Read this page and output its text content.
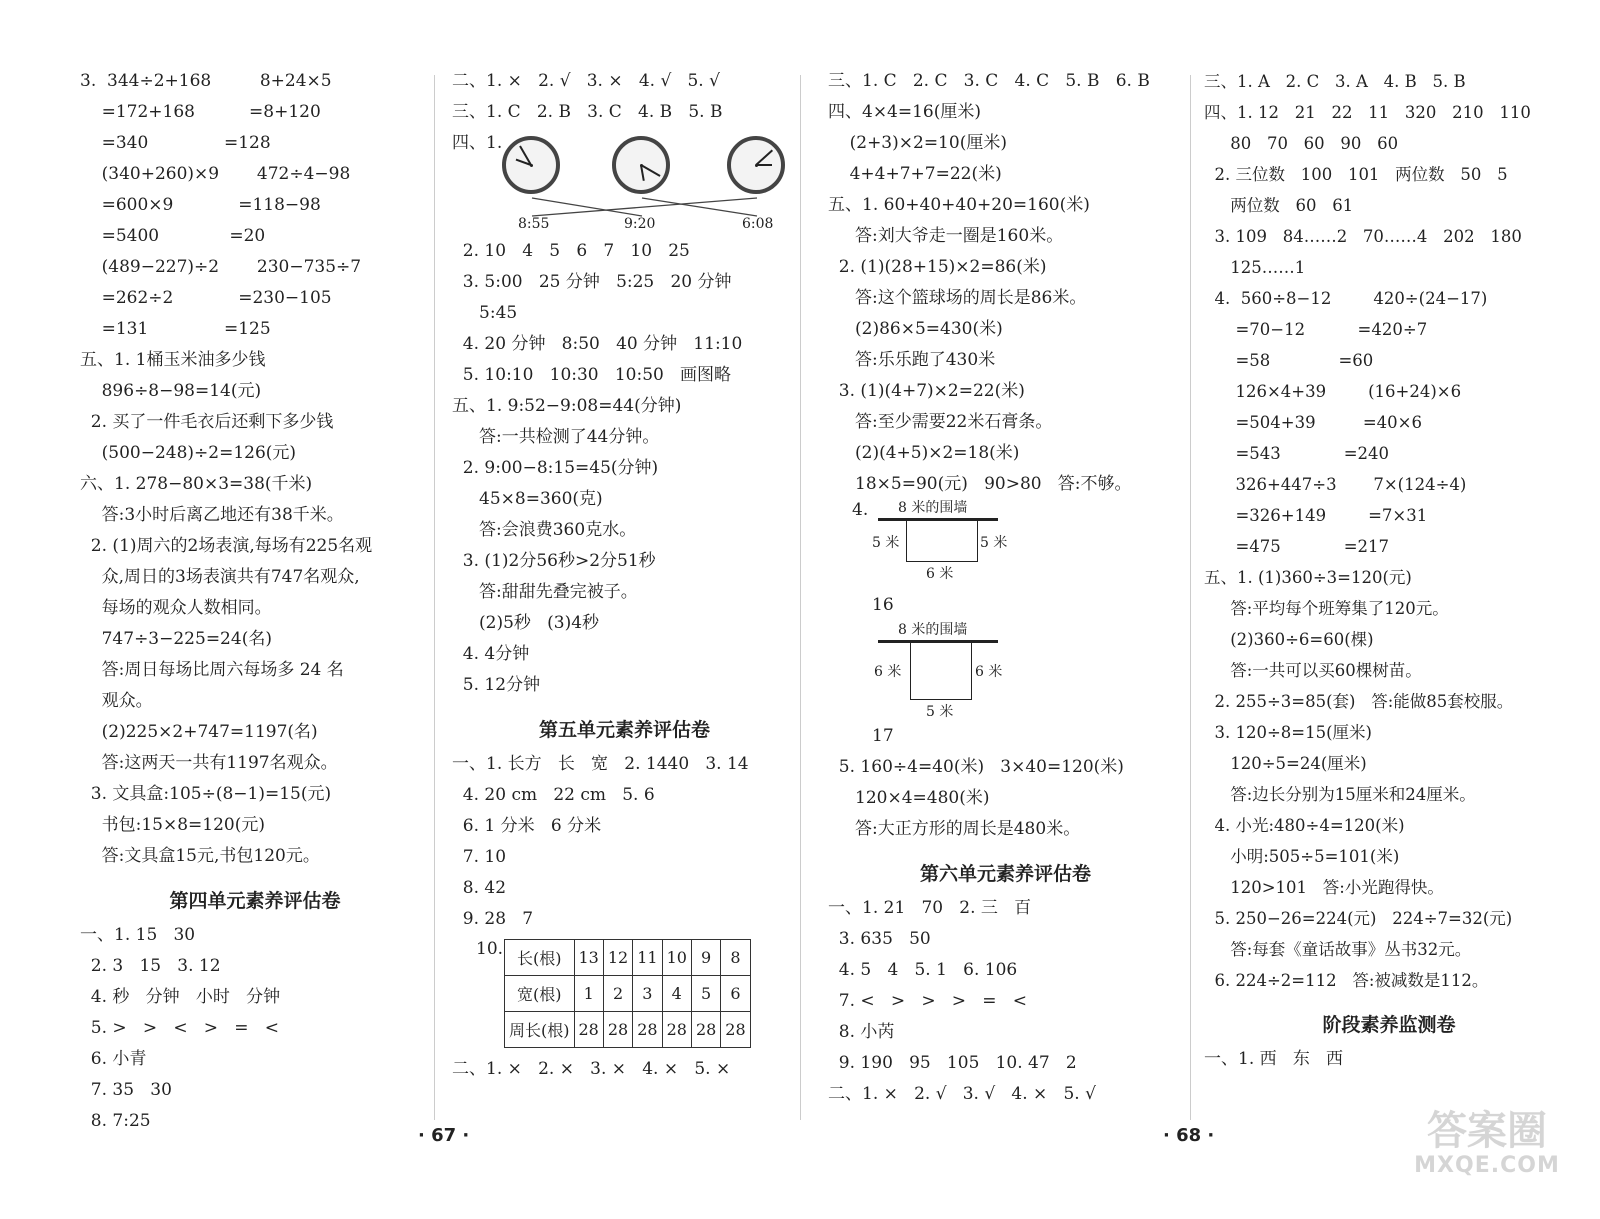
3.  344÷2+168         8+24×5
=172+168          =8+120
=340              =128
(340+260)×9       472÷4−98
=600×9            =118−98
=5400             =20
(489−227)÷2       230−735÷7
=262÷2            =230−105
=131              =125
五、1. 1桶玉米油多少钱
896÷8−98=14(元)
2. 买了一件毛衣后还剩下多少钱
(500−248)÷2=126(元)
六、1. 278−80×3=38(千米)
答:3小时后离乙地还有38千米。
2. (1)周六的2场表演,每场有225名观
众,周日的3场表演共有747名观众,
每场的观众人数相同。
747÷3−225=24(名)
答:周日每场比周六每场多 24 名
观众。
(2)225×2+747=1197(名)
答:这两天一共有1197名观众。
3. 文具盒:105÷(8−1)=15(元)
书包:15×8=120(元)
答:文具盒15元,书包120元。
第四单元素养评估卷
一、1. 15   30
2. 3   15   3. 12
4. 秒   分钟   小时   分钟
5. >   >   <   >   =   <
6. 小青
7. 35   30
8. 7:25
二、1. ×   2. √   3. ×   4. √   5. √
三、1. C   2. B   3. C   4. B   5. B
四、1.
8:55	9:20	6:08
2. 10   4   5   6   7   10   25
3. 5:00   25 分钟   5:25   20 分钟
5:45
4. 20 分钟   8:50   40 分钟   11:10
5. 10:10   10:30   10:50   画图略
五、1. 9:52−9:08=44(分钟)
答:一共检测了44分钟。
2. 9:00−8:15=45(分钟)
45×8=360(克)
答:会浪费360克水。
3. (1)2分56秒>2分51秒
答:甜甜先叠完被子。
(2)5秒   (3)4秒
4. 4分钟
5. 12分钟
第五单元素养评估卷
一、1. 长方   长   宽   2. 1440   3. 14
4. 20 cm   22 cm   5. 6
6. 1 分米   6 分米
7. 10
8. 42
9. 28   7
10. 长(根)	13	12	11	10	9	8
宽(根)	1	2	3	4	5	6
周长(根)	28	28	28	28	28	28
二、1. ×   2. ×   3. ×   4. ×   5. ×
三、1. C   2. C   3. C   4. C   5. B   6. B
四、4×4=16(厘米)
(2+3)×2=10(厘米)
4+4+7+7=22(米)
五、1. 60+40+40+20=160(米)
答:刘大爷走一圈是160米。
2. (1)(28+15)×2=86(米)
答:这个篮球场的周长是86米。
(2)86×5=430(米)
答:乐乐跑了430米
3. (1)(4+7)×2=22(米)
答:至少需要22米石膏条。
(2)(4+5)×2=18(米)
18×5=90(元)   90>80   答:不够。
4. 8 米的围墙
5 米	5 米
6 米
16
8 米的围墙
6 米	6 米
5 米
17
5. 160÷4=40(米)   3×40=120(米)
120×4=480(米)
答:大正方形的周长是480米。
第六单元素养评估卷
一、1. 21   70   2. 三   百
3. 635   50
4. 5   4   5. 1   6. 106
7. <   >   >   >   =   <
8. 小芮
9. 190   95   105   10. 47   2
二、1. ×   2. √   3. √   4. ×   5. √
三、1. A   2. C   3. A   4. B   5. B
四、1. 12   21   22   11   320   210   110
80   70   60   90   60
2. 三位数   100   101   两位数   50   5
两位数   60   61
3. 109   84……2   70……4   202   180
125……1
4.  560÷8−12        420÷(24−17)
=70−12          =420÷7
=58             =60
126×4+39        (16+24)×6
=504+39         =40×6
=543            =240
326+447÷3       7×(124÷4)
=326+149        =7×31
=475            =217
五、1. (1)360÷3=120(元)
答:平均每个班筹集了120元。
(2)360÷6=60(棵)
答:一共可以买60棵树苗。
2. 255÷3=85(套)   答:能做85套校服。
3. 120÷8=15(厘米)
120÷5=24(厘米)
答:边长分别为15厘米和24厘米。
4. 小光:480÷4=120(米)
小明:505÷5=101(米)
120>101   答:小光跑得快。
5. 250−26=224(元)   224÷7=32(元)
答:每套《童话故事》丛书32元。
6. 224÷2=112   答:被减数是112。
阶段素养监测卷
一、1. 西   东   西
· 67 ·	· 68 ·	答案圈
MXQE.COM
